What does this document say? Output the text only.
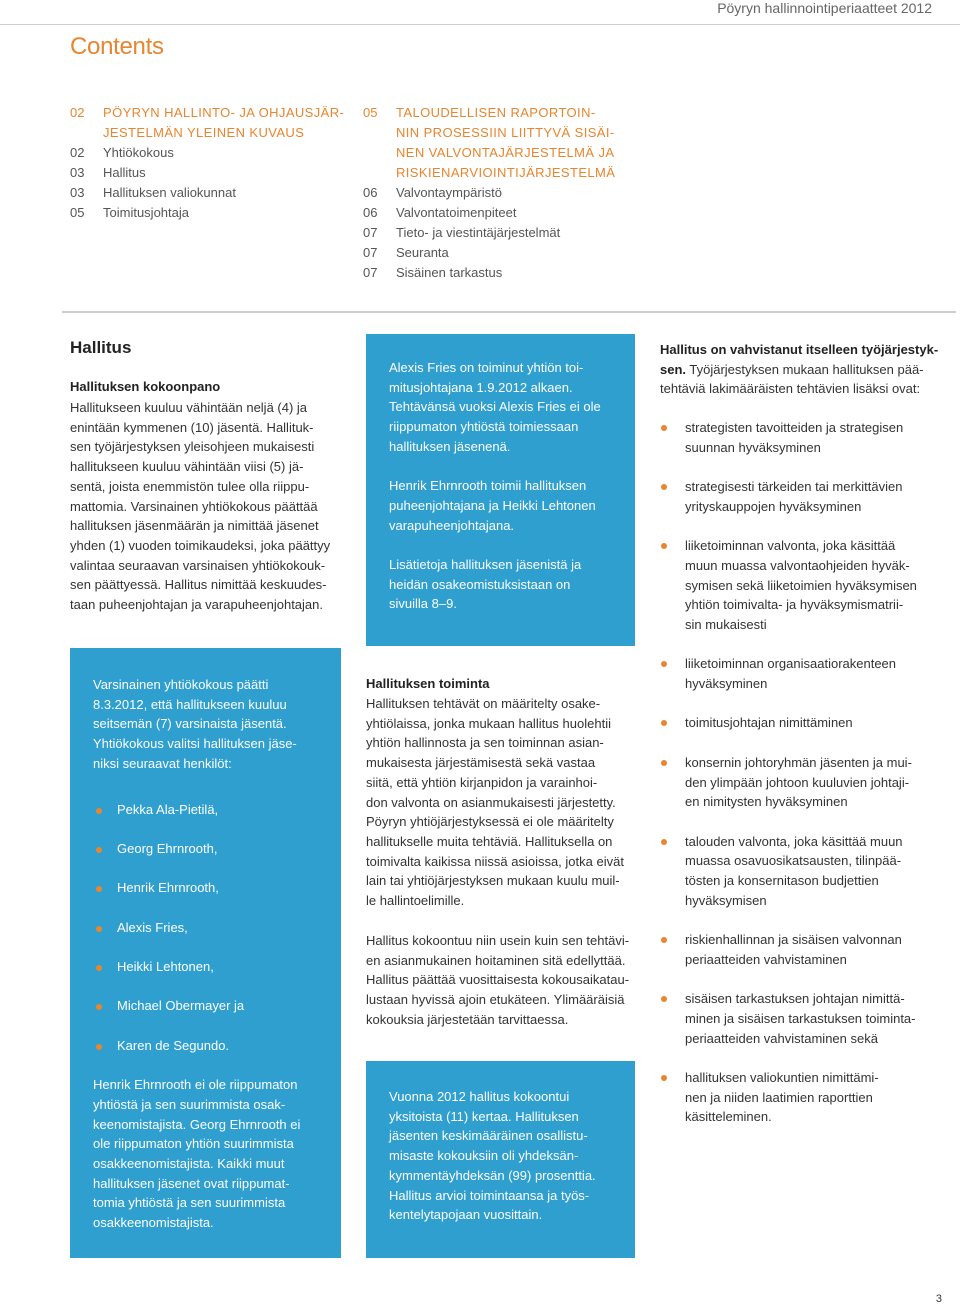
Pöyryn hallinnointiperiaatteet 2012
Contents
02	PÖYRYN HALLINTO- JA OHJAUSJÄR-
JESTELMÄN YLEINEN KUVAUS
02	Yhtiökokous
03	Hallitus
03	Hallituksen valiokunnat
05	Toimitusjohtaja
05	TALOUDELLISEN RAPORTOIN-
NIN PROSESSIIN LIITTYVÄ SISÄI-
NEN VALVONTAJÄRJESTELMÄ JA
RISKIENARVIOINTIJÄRJESTELMÄ
06	Valvontaympäristö
06	Valvontatoimenpiteet
07	Tieto- ja viestintäjärjestelmät
07	Seuranta
07	Sisäinen tarkastus
Hallitus
Hallituksen kokoonpano
Hallitukseen kuuluu vähintään neljä (4) ja
enintään kymmenen (10) jäsentä. Hallituk-
sen työjärjestyksen yleisohjeen mukaisesti
hallitukseen kuuluu vähintään viisi (5) jä-
sentä, joista enemmistön tulee olla riippu-
mattomia. Varsinainen yhtiökokous päättää
hallituksen jäsenmäärän ja nimittää jäsenet
yhden (1) vuoden toimikaudeksi, joka päättyy
valintaa seuraavan varsinaisen yhtiökokouk-
sen päättyessä. Hallitus nimittää keskuudes-
taan puheenjohtajan ja varapuheenjohtajan.

Alexis Fries on toiminut yhtiön toi-
mitusjohtajana 1.9.2012 alkaen.
Tehtävänsä vuoksi Alexis Fries ei ole
riippumaton yhtiöstä toimiessaan
hallituksen jäsenenä.

Henrik Ehrnrooth toimii hallituksen
puheenjohtajana ja Heikki Lehtonen
varapuheenjohtajana.

Lisätietoja hallituksen jäsenistä ja
heidän osakeomistuksistaan on
sivuilla 8–9.

Varsinainen yhtiökokous päätti
8.3.2012, että hallitukseen kuuluu
seitsemän (7) varsinaista jäsentä.
Yhtiökokous valitsi hallituksen jäse-
niksi seuraavat henkilöt:

Pekka Ala-Pietilä,
Georg Ehrnrooth,
Henrik Ehrnrooth,
Alexis Fries,
Heikki Lehtonen,
Michael Obermayer ja
Karen de Segundo.

Henrik Ehrnrooth ei ole riippumaton
yhtiöstä ja sen suurimmista osak-
keenomistajista. Georg Ehrnrooth ei
ole riippumaton yhtiön suurimmista
osakkeenomistajista. Kaikki muut
hallituksen jäsenet ovat riippumat-
tomia yhtiöstä ja sen suurimmista
osakkeenomistajista.

Hallituksen toiminta
Hallituksen tehtävät on määritelty osake-
yhtiölaissa, jonka mukaan hallitus huolehtii
yhtiön hallinnosta ja sen toiminnan asian-
mukaisesta järjestämisestä sekä vastaa
siitä, että yhtiön kirjanpidon ja varainhoi-
don valvonta on asianmukaisesti järjestetty.
Pöyryn yhtiöjärjestyksessä ei ole määritelty
hallitukselle muita tehtäviä. Hallituksella on
toimivalta kaikissa niissä asioissa, jotka eivät
lain tai yhtiöjärjestyksen mukaan kuulu muil-
le hallintoelimille.
Hallitus kokoontuu niin usein kuin sen tehtävi-
en asianmukainen hoitaminen sitä edellyttää.
Hallitus päättää vuosittaisesta kokousaikatau-
lustaan hyvissä ajoin etukäteen. Ylimääräisiä
kokouksia järjestetään tarvittaessa.

Vuonna 2012 hallitus kokoontui
yksitoista (11) kertaa. Hallituksen
jäsenten keskimääräinen osallistu-
misaste kokouksiin oli yhdeksän-
kymmentäyhdeksän (99) prosenttia.
Hallitus arvioi toimintaansa ja työs-
kentelytapojaan vuosittain.

Hallitus on vahvistanut itselleen työjärjestyk-
sen. Työjärjestyksen mukaan hallituksen pää-
tehtäviä lakimääräisten tehtävien lisäksi ovat:
strategisten tavoitteiden ja strategisen
suunnan hyväksyminen
strategisesti tärkeiden tai merkittävien
yrityskauppojen hyväksyminen
liiketoiminnan valvonta, joka käsittää
muun muassa valvontaohjeiden hyväk-
symisen sekä liiketoimien hyväksymisen
yhtiön toimivalta- ja hyväksymismatrii-
sin mukaisesti
liiketoiminnan organisaatiorakenteen
hyväksyminen
toimitusjohtajan nimittäminen
konsernin johtoryhmän jäsenten ja mui-
den ylimpään johtoon kuuluvien johtaji-
en nimitysten hyväksyminen
talouden valvonta, joka käsittää muun
muassa osavuosikatsausten, tilinpää-
tösten ja konsernitason budjettien
hyväksymisen
riskienhallinnan ja sisäisen valvonnan
periaatteiden vahvistaminen
sisäisen tarkastuksen johtajan nimittä-
minen ja sisäisen tarkastuksen toiminta-
periaatteiden vahvistaminen sekä
hallituksen valiokuntien nimittämi-
nen ja niiden laatimien raporttien
käsitteleminen.
3
